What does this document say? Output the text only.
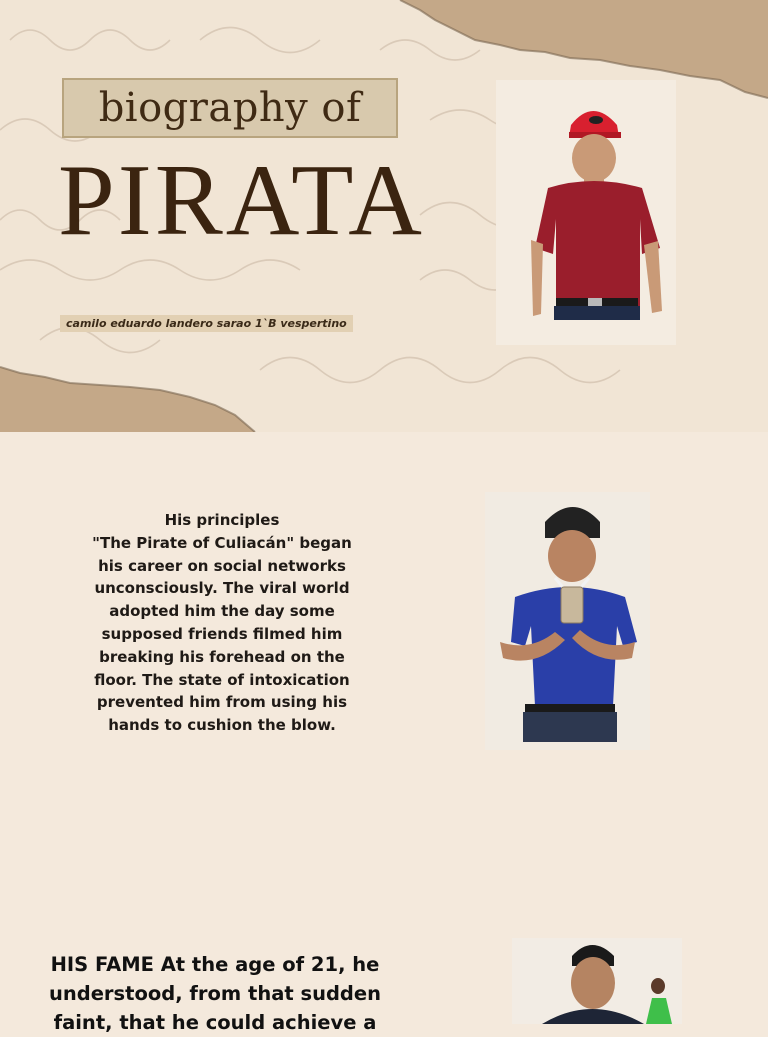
biography of
PIRATA
camilo eduardo landero sarao 1`B vespertino
His principles
"The Pirate of Culiacán" began his career on social networks unconsciously. The viral world adopted him the day some supposed friends filmed him breaking his forehead on the floor. The state of intoxication prevented him from using his hands to cushion the blow.
HIS FAME At the age of 21, he understood, from that sudden faint, that he could achieve a
